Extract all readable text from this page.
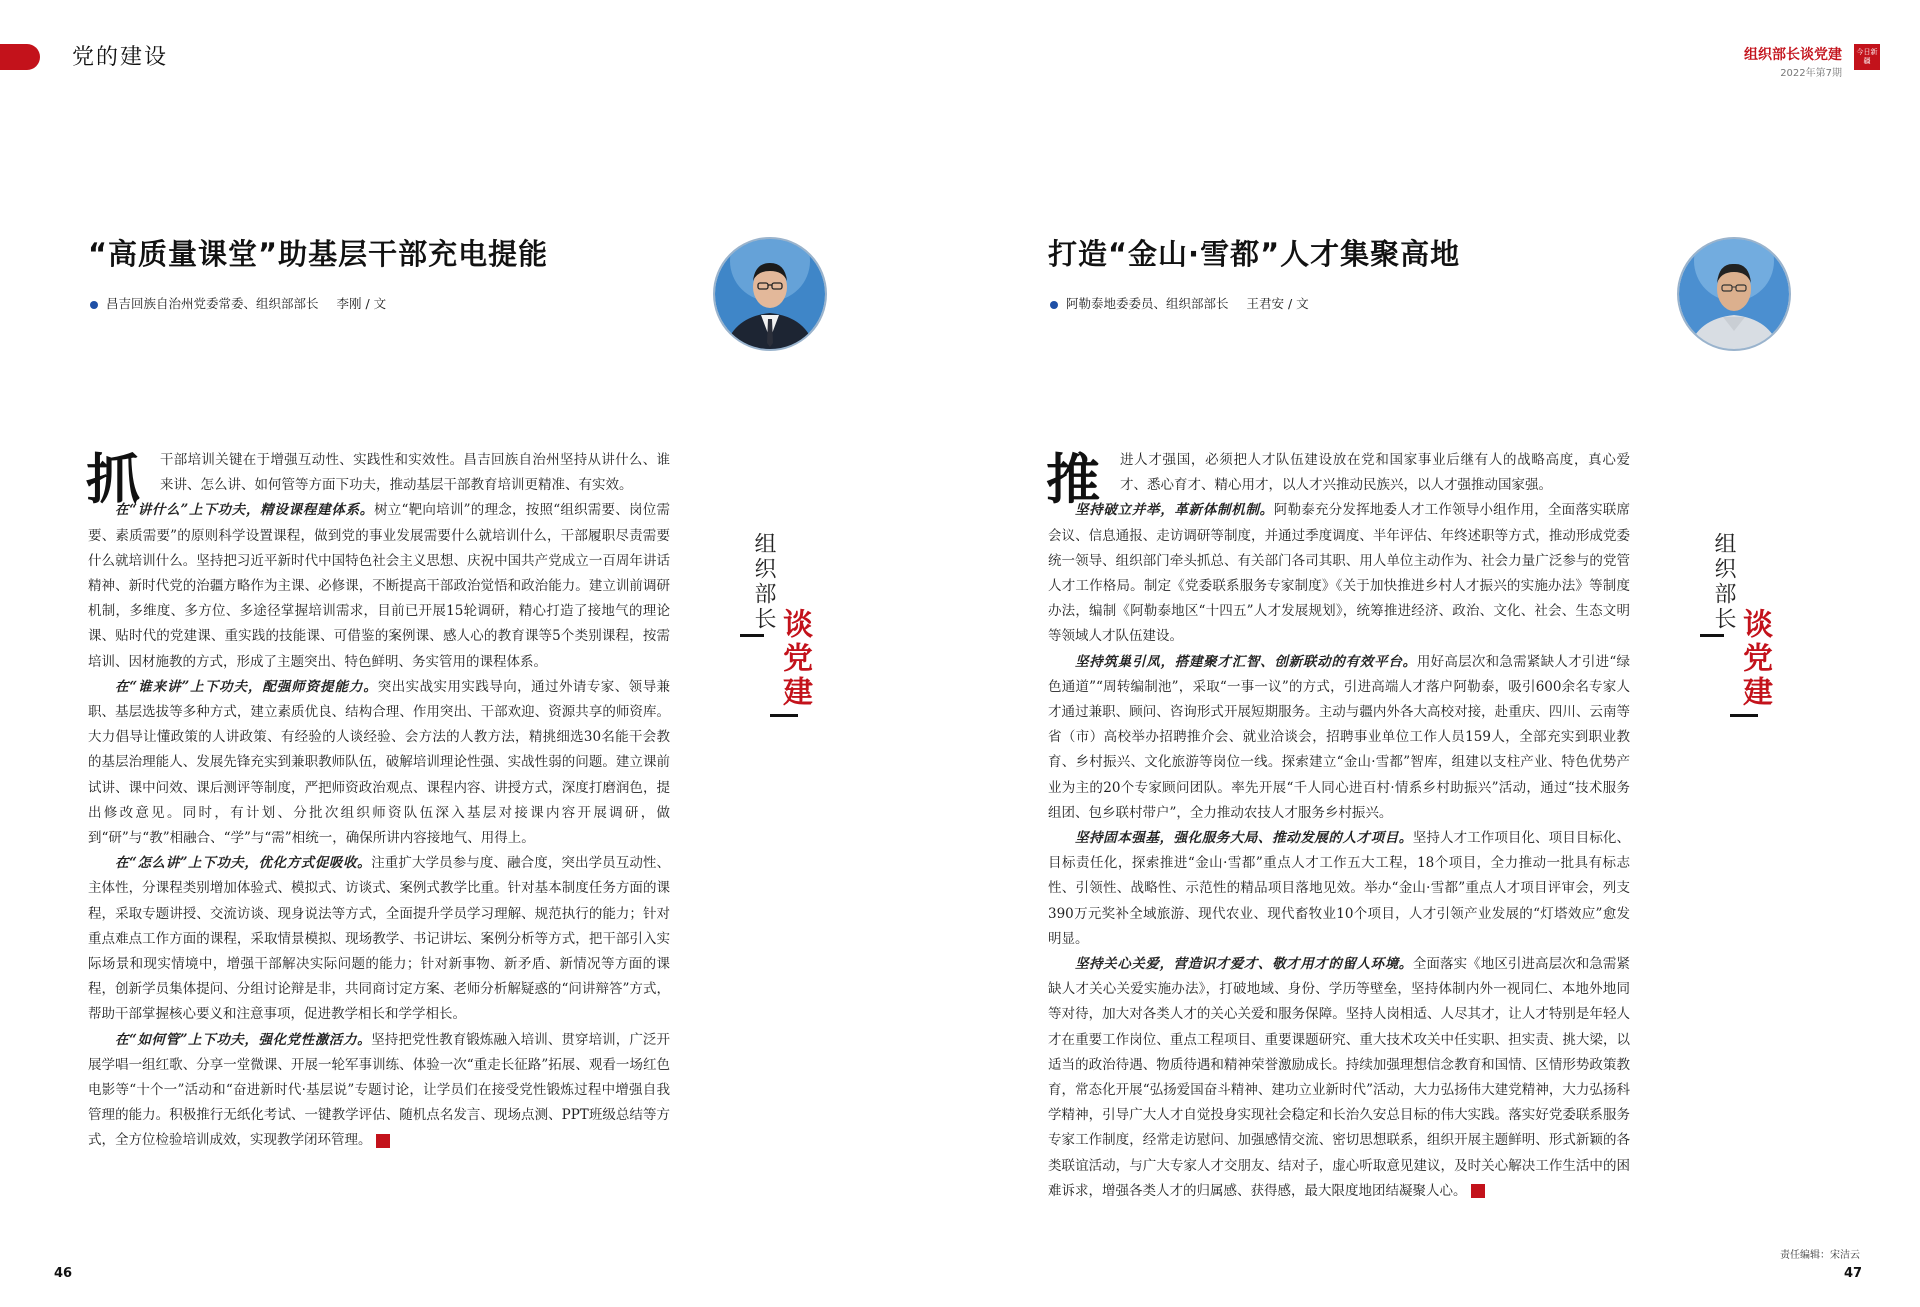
党的建设	组织部长谈党建
2022年第7期
今日新疆
“高质量课堂”助基层干部充电提能
昌吉回族自治州党委常委、组织部部长 李刚 / 文
抓	干部培训关键在于增强互动性、实践性和实效性。昌吉回族自治州坚持从讲什么、谁来讲、怎么讲、如何管等方面下功夫，推动基层干部教育培训更精准、有实效。

在“讲什么”上下功夫，精设课程建体系。树立“靶向培训”的理念，按照“组织需要、岗位需要、素质需要”的原则科学设置课程，做到党的事业发展需要什么就培训什么，干部履职尽责需要什么就培训什么。坚持把习近平新时代中国特色社会主义思想、庆祝中国共产党成立一百周年讲话精神、新时代党的治疆方略作为主课、必修课，不断提高干部政治觉悟和政治能力。建立训前调研机制，多维度、多方位、多途径掌握培训需求，目前已开展15轮调研，精心打造了接地气的理论课、贴时代的党建课、重实践的技能课、可借鉴的案例课、感人心的教育课等5个类别课程，按需培训、因材施教的方式，形成了主题突出、特色鲜明、务实管用的课程体系。

在“谁来讲”上下功夫，配强师资提能力。突出实战实用实践导向，通过外请专家、领导兼职、基层选拔等多种方式，建立素质优良、结构合理、作用突出、干部欢迎、资源共享的师资库。大力倡导让懂政策的人讲政策、有经验的人谈经验、会方法的人教方法，精挑细选30名能干会教的基层治理能人、发展先锋充实到兼职教师队伍，破解培训理论性强、实战性弱的问题。建立课前试讲、课中问效、课后测评等制度，严把师资政治观点、课程内容、讲授方式，深度打磨润色，提出修改意见。同时，有计划、分批次组织师资队伍深入基层对接课内容开展调研，做到“研”与“教”相融合、“学”与“需”相统一，确保所讲内容接地气、用得上。

在“怎么讲”上下功夫，优化方式促吸收。注重扩大学员参与度、融合度，突出学员互动性、主体性，分课程类别增加体验式、模拟式、访谈式、案例式教学比重。针对基本制度任务方面的课程，采取专题讲授、交流访谈、现身说法等方式，全面提升学员学习理解、规范执行的能力；针对重点难点工作方面的课程，采取情景模拟、现场教学、书记讲坛、案例分析等方式，把干部引入实际场景和现实情境中，增强干部解决实际问题的能力；针对新事物、新矛盾、新情况等方面的课程，创新学员集体提问、分组讨论辩是非，共同商讨定方案、老师分析解疑惑的“问讲辩答”方式，帮助干部掌握核心要义和注意事项，促进教学相长和学学相长。

在“如何管”上下功夫，强化党性激活力。坚持把党性教育锻炼融入培训、贯穿培训，广泛开展学唱一组红歌、分享一堂微课、开展一轮军事训练、体验一次“重走长征路”拓展、观看一场红色电影等“十个一”活动和“奋进新时代·基层说”专题讨论，让学员们在接受党性锻炼过程中增强自我管理的能力。积极推行无纸化考试、一键教学评估、随机点名发言、现场点测、PPT班级总结等方式，全方位检验培训成效，实现教学闭环管理。	J

组织部长
谈党建
46
打造“金山·雪都”人才集聚高地
阿勒泰地委委员、组织部部长 王君安 / 文
推	进人才强国，必须把人才队伍建设放在党和国家事业后继有人的战略高度，真心爱才、悉心育才、精心用才，以人才兴推动民族兴，以人才强推动国家强。

坚持破立并举，革新体制机制。阿勒泰充分发挥地委人才工作领导小组作用，全面落实联席会议、信息通报、走访调研等制度，并通过季度调度、半年评估、年终述职等方式，推动形成党委统一领导、组织部门牵头抓总、有关部门各司其职、用人单位主动作为、社会力量广泛参与的党管人才工作格局。制定《党委联系服务专家制度》《关于加快推进乡村人才振兴的实施办法》等制度办法，编制《阿勒泰地区“十四五”人才发展规划》，统筹推进经济、政治、文化、社会、生态文明等领域人才队伍建设。

坚持筑巢引凤，搭建聚才汇智、创新联动的有效平台。用好高层次和急需紧缺人才引进“绿色通道”“周转编制池”，采取“一事一议”的方式，引进高端人才落户阿勒泰，吸引600余名专家人才通过兼职、顾问、咨询形式开展短期服务。主动与疆内外各大高校对接，赴重庆、四川、云南等省（市）高校举办招聘推介会、就业洽谈会，招聘事业单位工作人员159人，全部充实到职业教育、乡村振兴、文化旅游等岗位一线。探索建立“金山·雪都”智库，组建以支柱产业、特色优势产业为主的20个专家顾问团队。率先开展“千人同心进百村·情系乡村助振兴”活动，通过“技术服务组团、包乡联村带户”，全力推动农技人才服务乡村振兴。

坚持固本强基，强化服务大局、推动发展的人才项目。坚持人才工作项目化、项目目标化、目标责任化，探索推进“金山·雪都”重点人才工作五大工程，18个项目，全力推动一批具有标志性、引领性、战略性、示范性的精品项目落地见效。举办“金山·雪都”重点人才项目评审会，列支390万元奖补全域旅游、现代农业、现代畜牧业10个项目，人才引领产业发展的“灯塔效应”愈发明显。

坚持关心关爱，营造识才爱才、敬才用才的留人环境。全面落实《地区引进高层次和急需紧缺人才关心关爱实施办法》，打破地域、身份、学历等壁垒，坚持体制内外一视同仁、本地外地同等对待，加大对各类人才的关心关爱和服务保障。坚持人岗相适、人尽其才，让人才特别是年轻人才在重要工作岗位、重点工程项目、重要课题研究、重大技术攻关中任实职、担实责、挑大梁，以适当的政治待遇、物质待遇和精神荣誉激励成长。持续加强理想信念教育和国情、区情形势政策教育，常态化开展“弘扬爱国奋斗精神、建功立业新时代”活动，大力弘扬伟大建党精神，大力弘扬科学精神，引导广大人才自觉投身实现社会稳定和长治久安总目标的伟大实践。落实好党委联系服务专家工作制度，经常走访慰问、加强感情交流、密切思想联系，组织开展主题鲜明、形式新颖的各类联谊活动，与广大专家人才交朋友、结对子，虚心听取意见建议，及时关心解决工作生活中的困难诉求，增强各类人才的归属感、获得感，最大限度地团结凝聚人心。	J

组织部长
谈党建
责任编辑：宋洁云
47
